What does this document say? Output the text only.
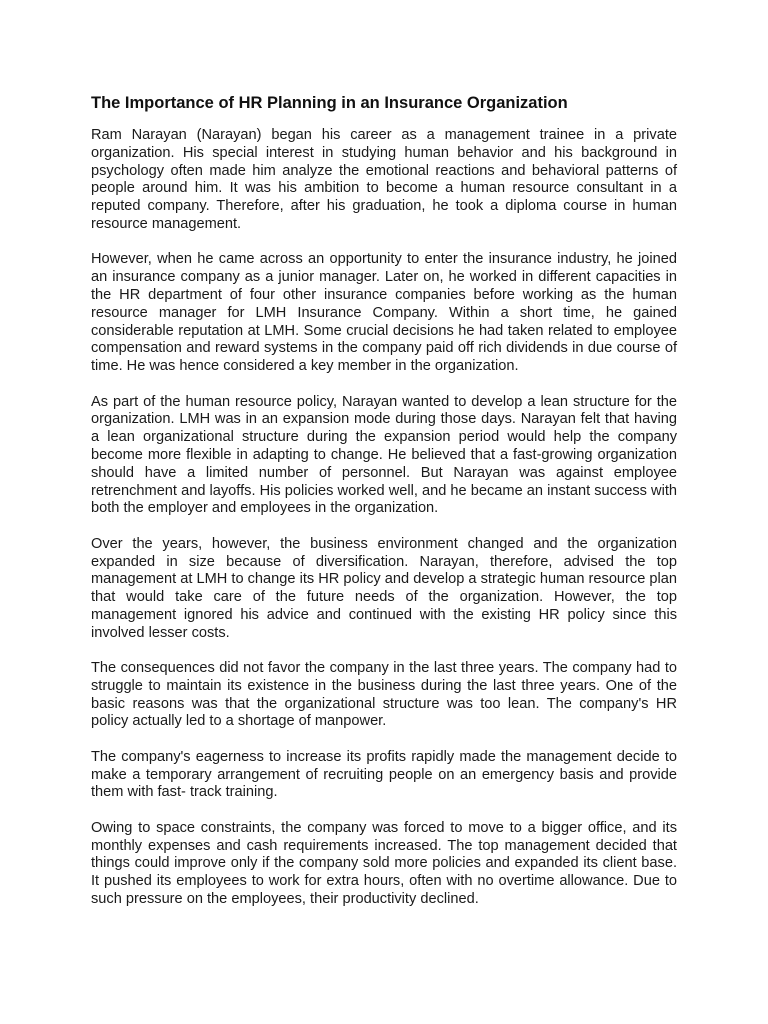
The Importance of HR Planning in an Insurance Organization

Ram Narayan (Narayan) began his career as a management trainee in a private organization. His special interest in studying human behavior and his background in psychology often made him analyze the emotional reactions and behavioral patterns of people around him. It was his ambition to become a human resource consultant in a reputed company. Therefore, after his graduation, he took a diploma course in human resource management.

However, when he came across an opportunity to enter the insurance industry, he joined an insurance company as a junior manager. Later on, he worked in different capacities in the HR department of four other insurance companies before working as the human resource manager for LMH Insurance Company. Within a short time, he gained considerable reputation at LMH. Some crucial decisions he had taken related to employee compensation and reward systems in the company paid off rich dividends in due course of time. He was hence considered a key member in the organization.

As part of the human resource policy, Narayan wanted to develop a lean structure for the organization. LMH was in an expansion mode during those days. Narayan felt that having a lean organizational structure during the expansion period would help the company become more flexible in adapting to change. He believed that a fast-growing organization should have a limited number of personnel. But Narayan was against employee retrenchment and layoffs. His policies worked well, and he became an instant success with both the employer and employees in the organization.

Over the years, however, the business environment changed and the organization expanded in size because of diversification. Narayan, therefore, advised the top management at LMH to change its HR policy and develop a strategic human resource plan that would take care of the future needs of the organization. However, the top management ignored his advice and continued with the existing HR policy since this involved lesser costs.

The consequences did not favor the company in the last three years. The company had to struggle to maintain its existence in the business during the last three years. One of the basic reasons was that the organizational structure was too lean. The company's HR policy actually led to a shortage of manpower.

The company's eagerness to increase its profits rapidly made the management decide to make a temporary arrangement of recruiting people on an emergency basis and provide them with fast- track training.

Owing to space constraints, the company was forced to move to a bigger office, and its monthly expenses and cash requirements increased. The top management decided that things could improve only if the company sold more policies and expanded its client base. It pushed its employees to work for extra hours, often with no overtime allowance. Due to such pressure on the employees, their productivity declined.
